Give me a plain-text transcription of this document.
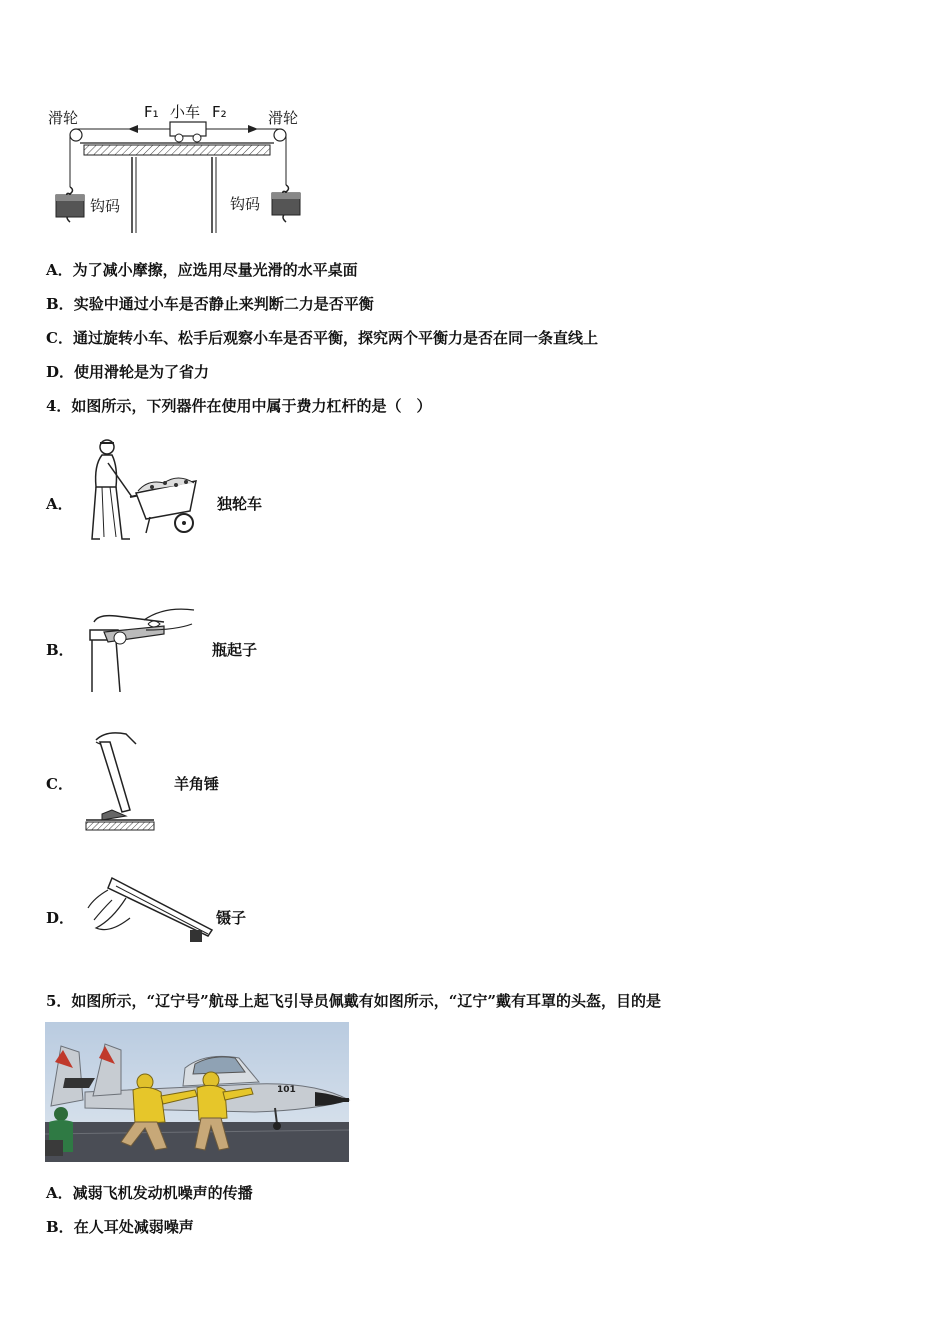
滑轮	滑轮
小车
F₁	F₂
钩码	钩码
A．为了减小摩擦，应选用尽量光滑的水平桌面
B．实验中通过小车是否静止来判断二力是否平衡
C．通过旋转小车、松手后观察小车是否平衡，探究两个平衡力是否在同一条直线上
D．使用滑轮是为了省力
4．如图所示，下列器件在使用中属于费力杠杆的是（　）
A．	独轮车
B．	瓶起子
C．	羊角锤
D．	镊子
5．如图所示，“辽宁号”航母上起飞引导员佩戴有如图所示，“辽宁”戴有耳罩的头盔，目的是
101
A．减弱飞机发动机噪声的传播
B．在人耳处减弱噪声
